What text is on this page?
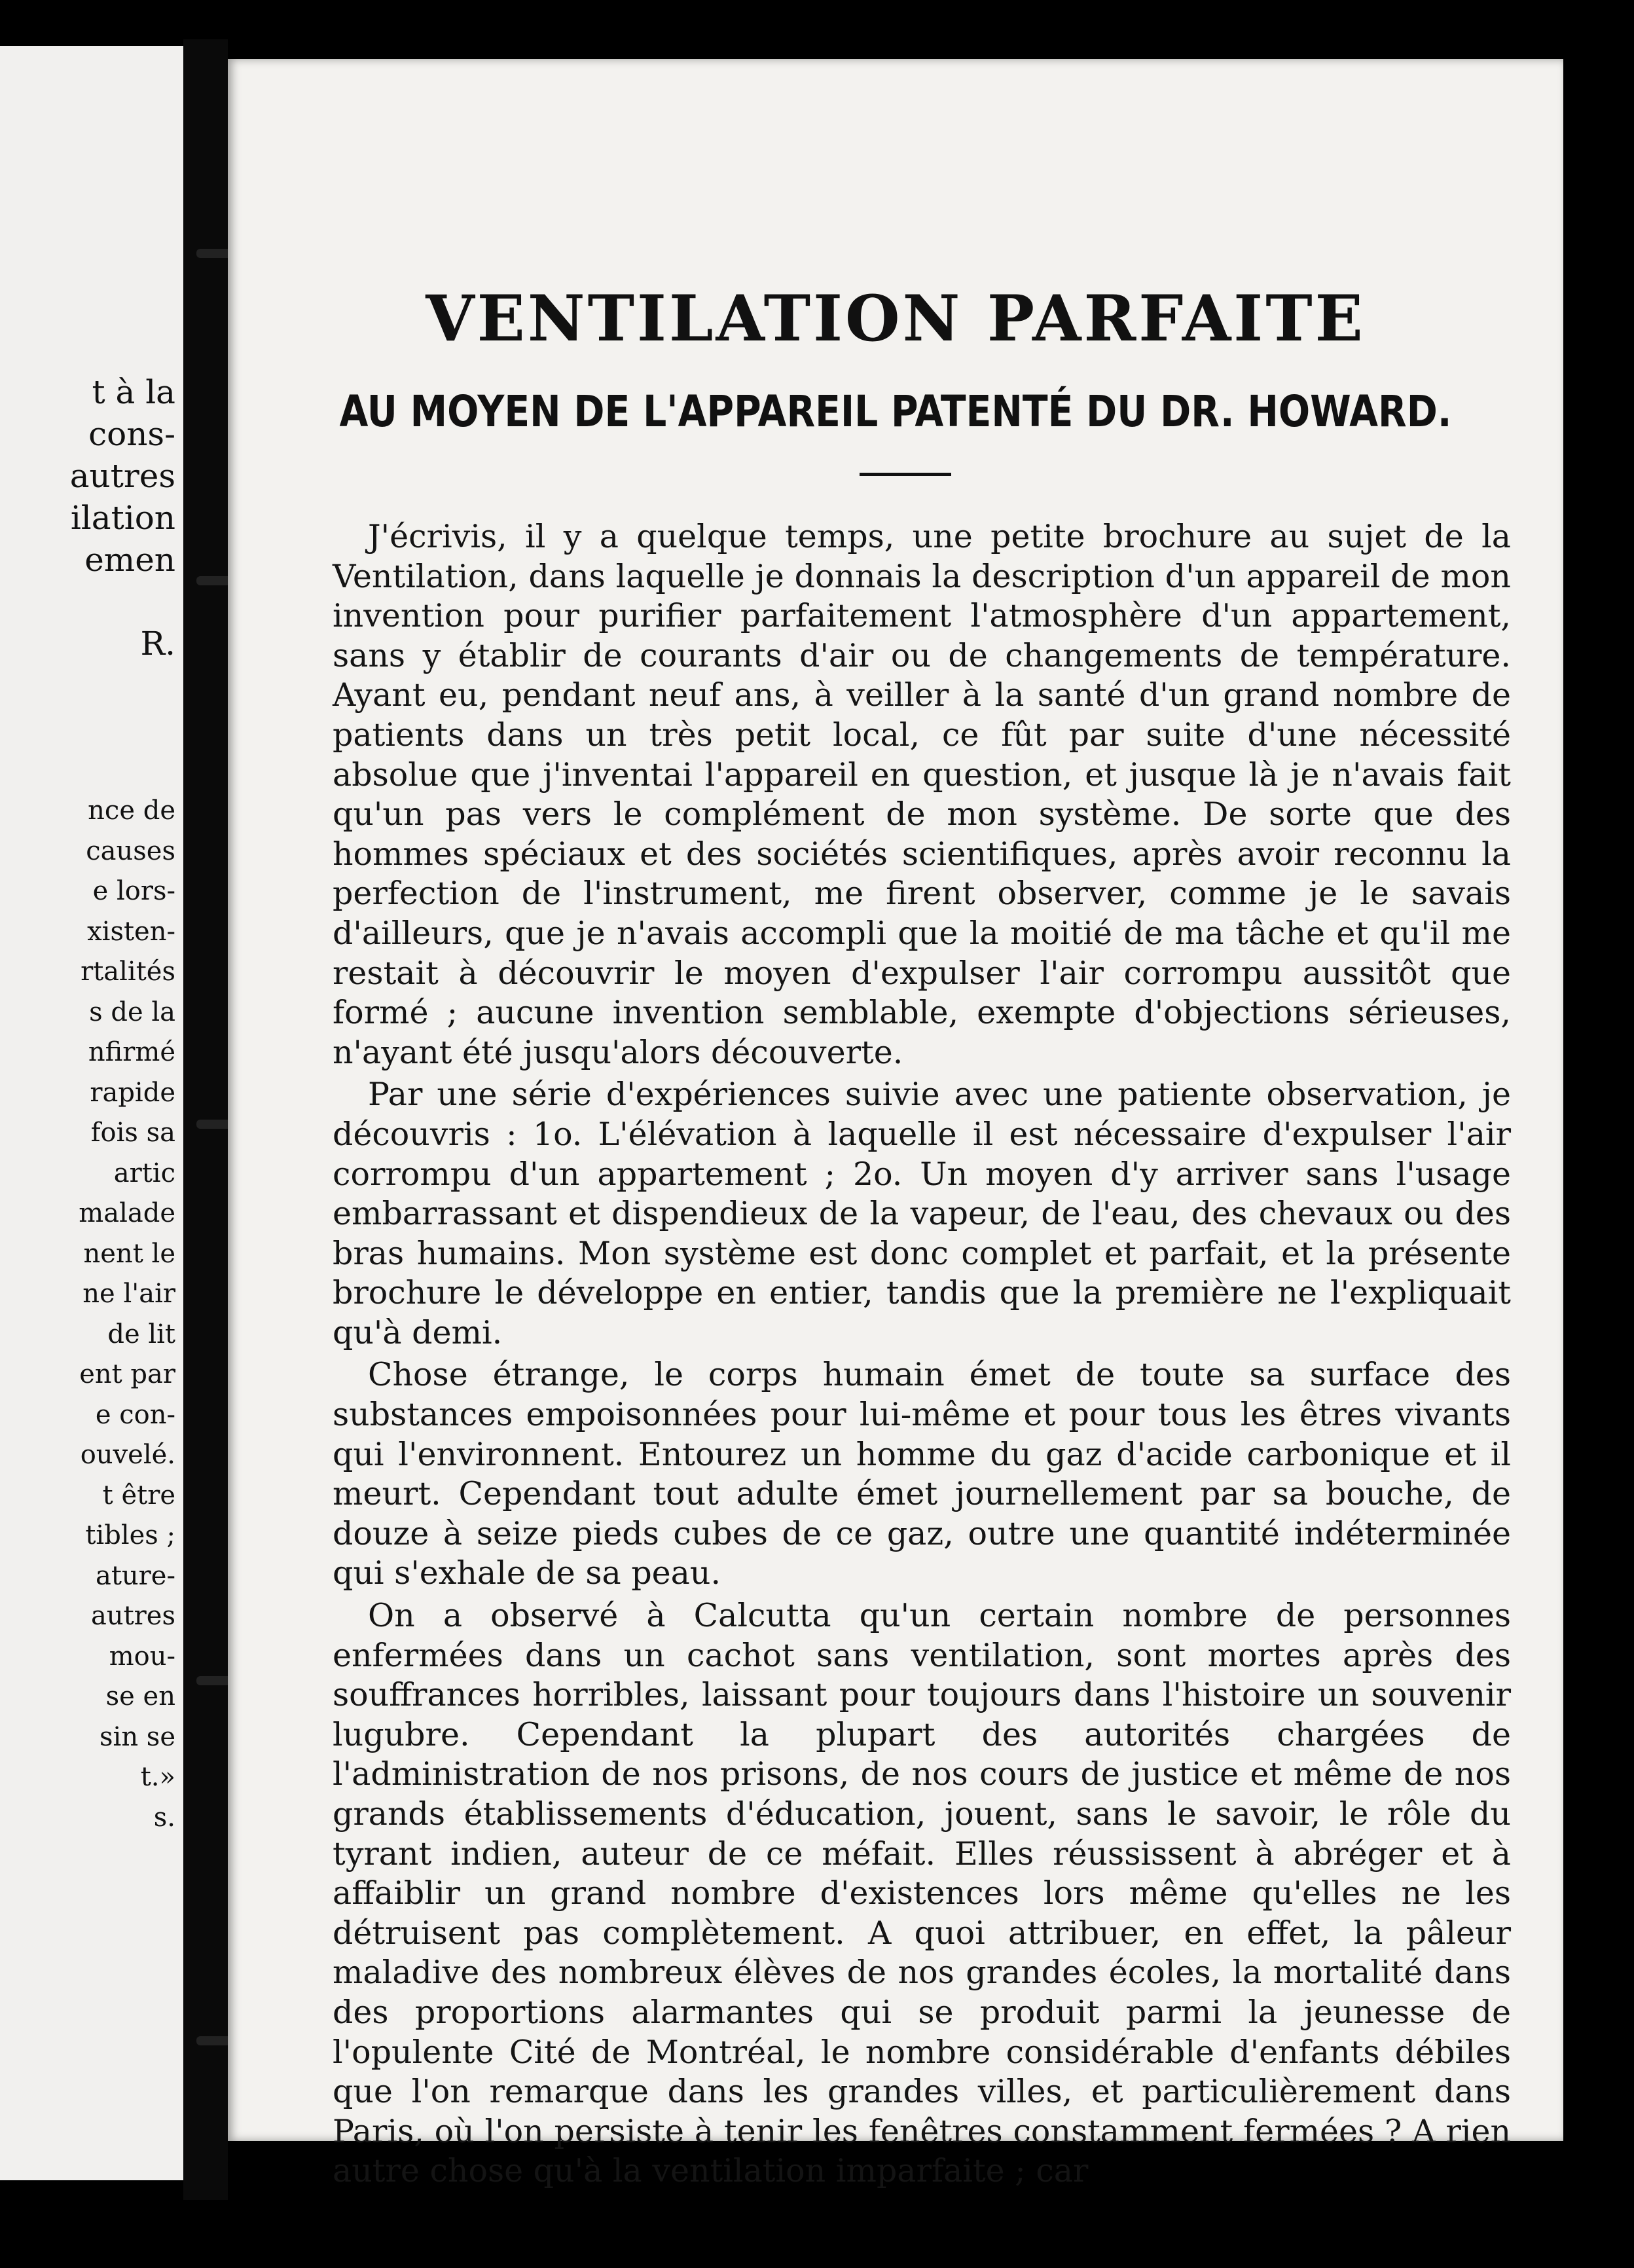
t à la
cons-
autres
ilation
emen
R.
nce de
causes
e lors-
xisten-
rtalités
s de la
nfirmé
rapide
fois sa
artic
malade
nent le
ne l'air
de lit
ent par
e con-
ouvelé.
t être
tibles ;
ature-
autres
mou-
se en
sin se
t.»
s.
VENTILATION PARFAITE
AU MOYEN DE L'APPAREIL PATENTÉ DU DR. HOWARD.

J'écrivis, il y a quelque temps, une petite brochure au sujet de la Ventilation, dans laquelle je donnais la description d'un appareil de mon invention pour purifier parfaitement l'atmosphère d'un appartement, sans y établir de courants d'air ou de changements de température. Ayant eu, pendant neuf ans, à veiller à la santé d'un grand nombre de patients dans un très petit local, ce fût par suite d'une nécessité absolue que j'inventai l'appareil en question, et jusque là je n'avais fait qu'un pas vers le complément de mon système. De sorte que des hommes spéciaux et des sociétés scientifiques, après avoir reconnu la perfection de l'instrument, me firent observer, comme je le savais d'ailleurs, que je n'avais accompli que la moitié de ma tâche et qu'il me restait à découvrir le moyen d'expulser l'air corrompu aussitôt que formé ; aucune invention semblable, exempte d'objections sérieuses, n'ayant été jusqu'alors découverte.

Par une série d'expériences suivie avec une patiente observation, je découvris : 1o. L'élévation à laquelle il est nécessaire d'expulser l'air corrompu d'un appartement ; 2o. Un moyen d'y arriver sans l'usage embarrassant et dispendieux de la vapeur, de l'eau, des chevaux ou des bras humains. Mon système est donc complet et parfait, et la présente brochure le développe en entier, tandis que la première ne l'expliquait qu'à demi.

Chose étrange, le corps humain émet de toute sa surface des substances empoisonnées pour lui-même et pour tous les êtres vivants qui l'environnent. Entourez un homme du gaz d'acide carbonique et il meurt. Cependant tout adulte émet journellement par sa bouche, de douze à seize pieds cubes de ce gaz, outre une quantité indéterminée qui s'exhale de sa peau.

On a observé à Calcutta qu'un certain nombre de personnes enfermées dans un cachot sans ventilation, sont mortes après des souffrances horribles, laissant pour toujours dans l'histoire un souvenir lugubre. Cependant la plupart des autorités chargées de l'administration de nos prisons, de nos cours de justice et même de nos grands établissements d'éducation, jouent, sans le savoir, le rôle du tyrant indien, auteur de ce méfait. Elles réussissent à abréger et à affaiblir un grand nombre d'existences lors même qu'elles ne les détruisent pas complètement. A quoi attribuer, en effet, la pâleur maladive des nombreux élèves de nos grandes écoles, la mortalité dans des proportions alarmantes qui se produit parmi la jeunesse de l'opulente Cité de Montréal, le nombre considérable d'enfants débiles que l'on remarque dans les grandes villes, et particulièrement dans Paris, où l'on persiste à tenir les fenêtres constamment fermées ? A rien autre chose qu'à la ventilation imparfaite ; car
